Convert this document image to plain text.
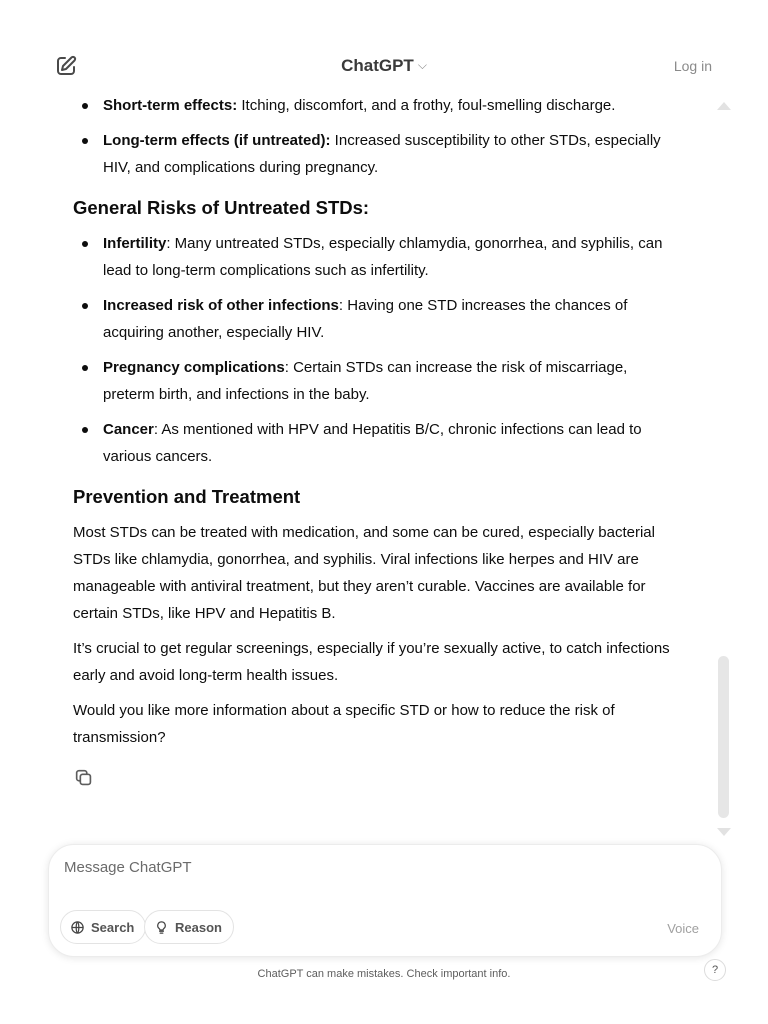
ChatGPT ⌵	Log in
Short-term effects: Itching, discomfort, and a frothy, foul-smelling discharge.
Long-term effects (if untreated): Increased susceptibility to other STDs, especially HIV, and complications during pregnancy.
General Risks of Untreated STDs:
Infertility: Many untreated STDs, especially chlamydia, gonorrhea, and syphilis, can lead to long-term complications such as infertility.
Increased risk of other infections: Having one STD increases the chances of acquiring another, especially HIV.
Pregnancy complications: Certain STDs can increase the risk of miscarriage, preterm birth, and infections in the baby.
Cancer: As mentioned with HPV and Hepatitis B/C, chronic infections can lead to various cancers.
Prevention and Treatment

Most STDs can be treated with medication, and some can be cured, especially bacterial STDs like chlamydia, gonorrhea, and syphilis. Viral infections like herpes and HIV are manageable with antiviral treatment, but they aren’t curable. Vaccines are available for certain STDs, like HPV and Hepatitis B.

It’s crucial to get regular screenings, especially if you’re sexually active, to catch infections early and avoid long-term health issues.

Would you like more information about a specific STD or how to reduce the risk of transmission?

Message ChatGPT
Search	Reason	Voice
ChatGPT can make mistakes. Check important info.	?
